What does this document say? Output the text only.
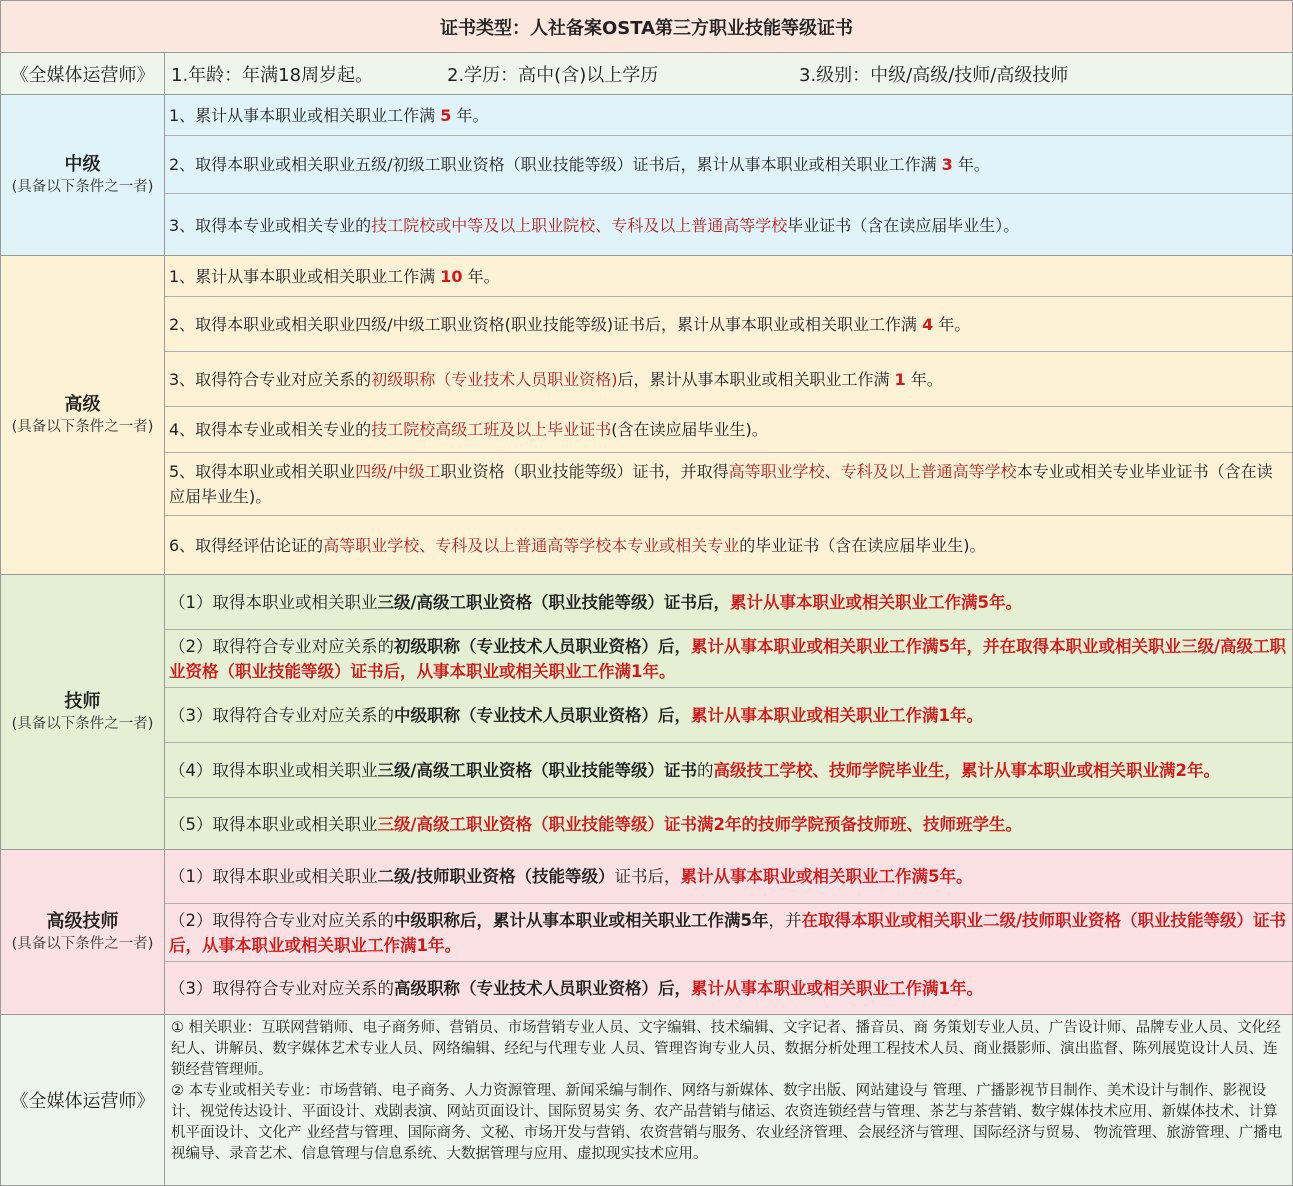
证书类型：人社备案OSTA第三方职业技能等级证书
《全媒体运营师》 1.年龄：年满18周岁起。	2.学历：高中(含)以上学历	3.级别：中级/高级/技师/高级技师
中级
(具备以下条件之一者)
1、累计从事本职业或相关职业工作满 5 年。
2、取得本职业或相关职业五级/初级工职业资格（职业技能等级）证书后，累计从事本职业或相关职业工作满 3 年。
3、取得本专业或相关专业的技工院校或中等及以上职业院校、专科及以上普通高等学校毕业证书（含在读应届毕业生）。
高级
(具备以下条件之一者)
1、累计从事本职业或相关职业工作满 10 年。
2、取得本职业或相关职业四级/中级工职业资格(职业技能等级)证书后，累计从事本职业或相关职业工作满 4 年。
3、取得符合专业对应关系的初级职称（专业技术人员职业资格)后，累计从事本职业或相关职业工作满 1 年。
4、取得本专业或相关专业的技工院校高级工班及以上毕业证书(含在读应届毕业生)。
5、取得本职业或相关职业四级/中级工职业资格（职业技能等级）证书，并取得高等职业学校、专科及以上普通高等学校本专业或相关专业毕业证书（含在读应届毕业生)。
6、取得经评估论证的高等职业学校、专科及以上普通高等学校本专业或相关专业的毕业证书（含在读应届毕业生)。
技师
(具备以下条件之一者)
（1）取得本职业或相关职业三级/高级工职业资格（职业技能等级）证书后，累计从事本职业或相关职业工作满5年。
（2）取得符合专业对应关系的初级职称（专业技术人员职业资格）后，累计从事本职业或相关职业工作满5年，并在取得本职业或相关职业三级/高级工职业资格（职业技能等级）证书后，从事本职业或相关职业工作满1年。
（3）取得符合专业对应关系的中级职称（专业技术人员职业资格）后，累计从事本职业或相关职业工作满1年。
（4）取得本职业或相关职业三级/高级工职业资格（职业技能等级）证书的高级技工学校、技师学院毕业生，累计从事本职业或相关职业满2年。
（5）取得本职业或相关职业三级/高级工职业资格（职业技能等级）证书满2年的技师学院预备技师班、技师班学生。
高级技师
(具备以下条件之一者)
（1）取得本职业或相关职业二级/技师职业资格（技能等级）证书后，累计从事本职业或相关职业工作满5年。
（2）取得符合专业对应关系的中级职称后，累计从事本职业或相关职业工作满5年，并在取得本职业或相关职业二级/技师职业资格（职业技能等级）证书后，从事本职业或相关职业工作满1年。
（3）取得符合专业对应关系的高级职称（专业技术人员职业资格）后，累计从事本职业或相关职业工作满1年。
《全媒体运营师》
① 相关职业：互联网营销师、电子商务师、营销员、市场营销专业人员、文字编辑、技术编辑、文字记者、播音员、商 务策划专业人员、广告设计师、品牌专业人员、文化经纪人、讲解员、数字媒体艺术专业人员、网络编辑、经纪与代理专业 人员、管理咨询专业人员、数据分析处理工程技术人员、商业摄影师、演出监督、陈列展览设计人员、连锁经营管理师。
② 本专业或相关专业：市场营销、电子商务、人力资源管理、新闻采编与制作、网络与新媒体、数字出版、网站建设与 管理、广播影视节目制作、美术设计与制作、影视设计、视觉传达设计、平面设计、戏剧表演、网站页面设计、国际贸易实 务、农产品营销与储运、农资连锁经营与管理、茶艺与茶营销、数字媒体技术应用、新媒体技术、计算机平面设计、文化产 业经营与管理、国际商务、文秘、市场开发与营销、农资营销与服务、农业经济管理、会展经济与管理、国际经济与贸易、 物流管理、旅游管理、广播电视编导、录音艺术、信息管理与信息系统、大数据管理与应用、虚拟现实技术应用。
